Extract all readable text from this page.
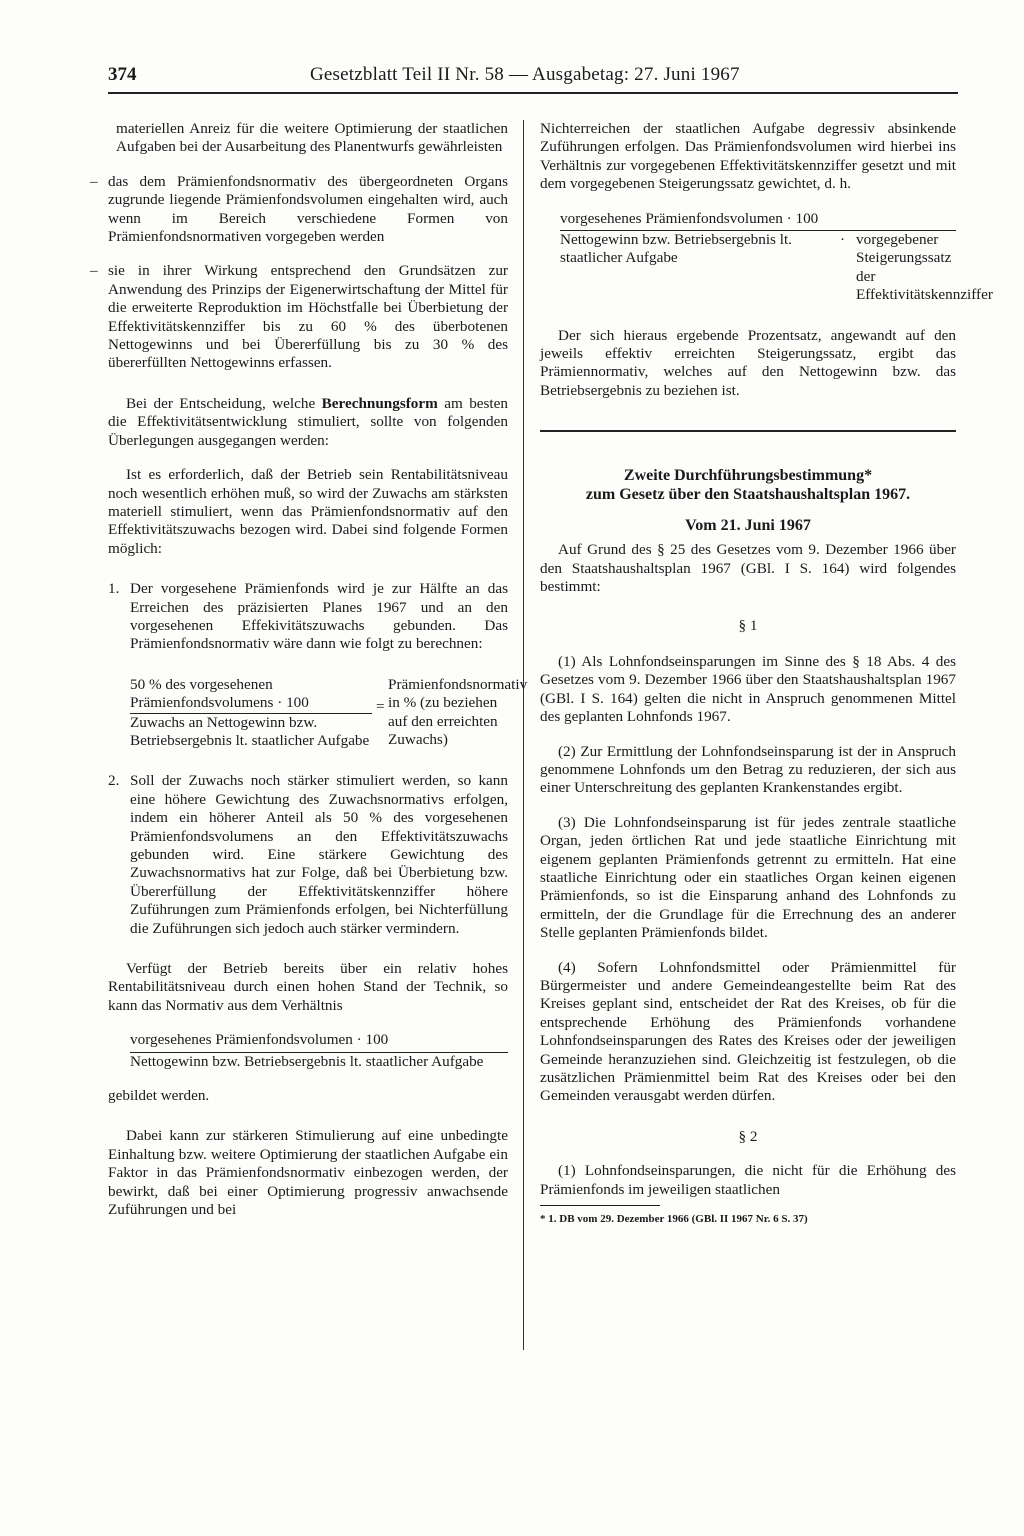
374	Gesetzblatt Teil II Nr. 58 — Ausgabetag: 27. Juni 1967

materiellen Anreiz für die weitere Optimierung der staatlichen Aufgaben bei der Ausarbeitung des Planentwurfs gewährleisten

– das dem Prämienfondsnormativ des übergeordneten Organs zugrunde liegende Prämienfondsvolumen eingehalten wird, auch wenn im Bereich verschiedene Formen von Prämienfondsnormativen vorgegeben werden

– sie in ihrer Wirkung entsprechend den Grundsätzen zur Anwendung des Prinzips der Eigenerwirtschaftung der Mittel für die erweiterte Reproduktion im Höchstfalle bei Überbietung der Effektivitätskennziffer bis zu 60 % des überbotenen Nettogewinns und bei Übererfüllung bis zu 30 % des übererfüllten Nettogewinns erfassen.

Bei der Entscheidung, welche Berechnungsform am besten die Effektivitätsentwicklung stimuliert, sollte von folgenden Überlegungen ausgegangen werden:

Ist es erforderlich, daß der Betrieb sein Rentabilitätsniveau noch wesentlich erhöhen muß, so wird der Zuwachs am stärksten materiell stimuliert, wenn das Prämienfondsnormativ auf den Effektivitätszuwachs bezogen wird. Dabei sind folgende Formen möglich:

1. Der vorgesehene Prämienfonds wird je zur Hälfte an das Erreichen des präzisierten Planes 1967 und an den vorgesehenen Effekivitätszuwachs gebunden. Das Prämienfondsnormativ wäre dann wie folgt zu berechnen:

50 % des vorgesehenen Prämienfondsvolumens · 100
Zuwachs an Nettogewinn bzw. Betriebsergebnis lt. staatlicher Aufgabe
=
Prämienfondsnormativ in % (zu beziehen auf den erreichten Zuwachs)

2. Soll der Zuwachs noch stärker stimuliert werden, so kann eine höhere Gewichtung des Zuwachsnormativs erfolgen, indem ein höherer Anteil als 50 % des vorgesehenen Prämienfondsvolumens an den Effektivitätszuwachs gebunden wird. Eine stärkere Gewichtung des Zuwachsnormativs hat zur Folge, daß bei Überbietung bzw. Übererfüllung der Effektivitätskennziffer höhere Zuführungen zum Prämienfonds erfolgen, bei Nichterfüllung die Zuführungen sich jedoch auch stärker vermindern.

Verfügt der Betrieb bereits über ein relativ hohes Rentabilitätsniveau durch einen hohen Stand der Technik, so kann das Normativ aus dem Verhältnis

vorgesehenes Prämienfondsvolumen · 100
Nettogewinn bzw. Betriebsergebnis lt. staatlicher Aufgabe

gebildet werden.

Dabei kann zur stärkeren Stimulierung auf eine unbedingte Einhaltung bzw. weitere Optimierung der staatlichen Aufgabe ein Faktor in das Prämienfondsnormativ einbezogen werden, der bewirkt, daß bei einer Optimierung progressiv anwachsende Zuführungen und bei

Nichterreichen der staatlichen Aufgabe degressiv absinkende Zuführungen erfolgen. Das Prämienfondsvolumen wird hierbei ins Verhältnis zur vorgegebenen Effektivitätskennziffer gesetzt und mit dem vorgegebenen Steigerungssatz gewichtet, d. h.

vorgesehenes Prämienfondsvolumen · 100
Nettogewinn bzw. Betriebsergebnis lt. staatlicher Aufgabe
· vorgegebener Steigerungssatz der Effektivitätskennziffer

Der sich hieraus ergebende Prozentsatz, angewandt auf den jeweils effektiv erreichten Steigerungssatz, ergibt das Prämiennormativ, welches auf den Nettogewinn bzw. das Betriebsergebnis zu beziehen ist.

Zweite Durchführungsbestimmung*
zum Gesetz über den Staatshaushaltsplan 1967.
Vom 21. Juni 1967

Auf Grund des § 25 des Gesetzes vom 9. Dezember 1966 über den Staatshaushaltsplan 1967 (GBl. I S. 164) wird folgendes bestimmt:

§ 1

(1) Als Lohnfondseinsparungen im Sinne des § 18 Abs. 4 des Gesetzes vom 9. Dezember 1966 über den Staatshaushaltsplan 1967 (GBl. I S. 164) gelten die nicht in Anspruch genommenen Mittel des geplanten Lohnfonds 1967.

(2) Zur Ermittlung der Lohnfondseinsparung ist der in Anspruch genommene Lohnfonds um den Betrag zu reduzieren, der sich aus einer Unterschreitung des geplanten Krankenstandes ergibt.

(3) Die Lohnfondseinsparung ist für jedes zentrale staatliche Organ, jeden örtlichen Rat und jede staatliche Einrichtung mit eigenem geplanten Prämienfonds getrennt zu ermitteln. Hat eine staatliche Einrichtung oder ein staatliches Organ keinen eigenen Prämienfonds, so ist die Einsparung anhand des Lohnfonds zu ermitteln, der die Grundlage für die Errechnung des an anderer Stelle geplanten Prämienfonds bildet.

(4) Sofern Lohnfondsmittel oder Prämienmittel für Bürgermeister und andere Gemeindeangestellte beim Rat des Kreises geplant sind, entscheidet der Rat des Kreises, ob für die entsprechende Erhöhung des Prämienfonds vorhandene Lohnfondseinsparungen des Rates des Kreises oder der jeweiligen Gemeinde heranzuziehen sind. Gleichzeitig ist festzulegen, ob die zusätzlichen Prämienmittel beim Rat des Kreises oder bei den Gemeinden verausgabt werden dürfen.

§ 2

(1) Lohnfondseinsparungen, die nicht für die Erhöhung des Prämienfonds im jeweiligen staatlichen

* 1. DB vom 29. Dezember 1966 (GBl. II 1967 Nr. 6 S. 37)
